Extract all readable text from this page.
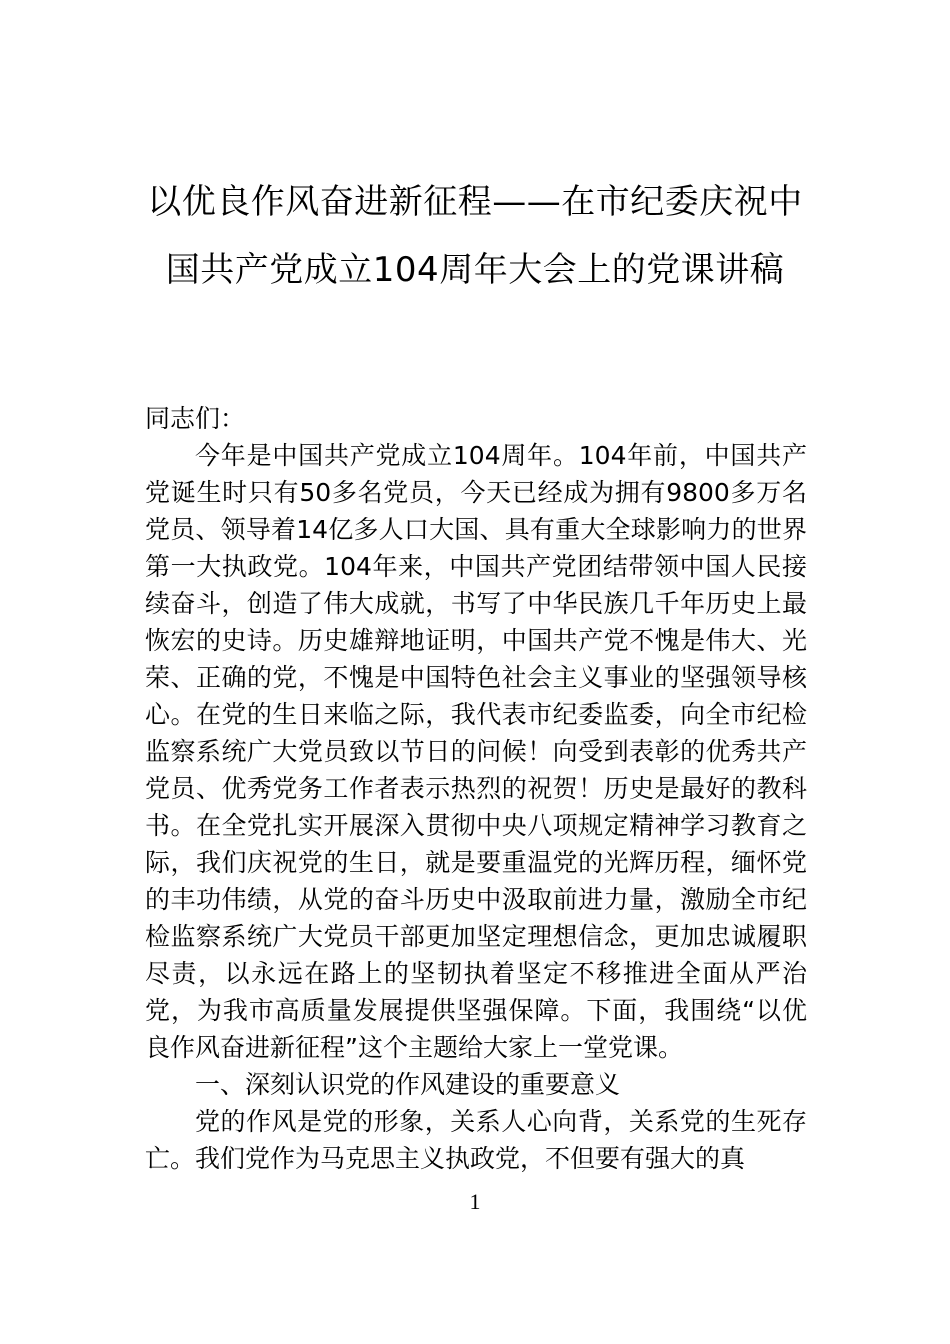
以优良作风奋进新征程——在市纪委庆祝中国共产党成立104周年大会上的党课讲稿

同志们：

今年是中国共产党成立104周年。104年前，中国共产党诞生时只有50多名党员，今天已经成为拥有9800多万名党员、领导着14亿多人口大国、具有重大全球影响力的世界第一大执政党。104年来，中国共产党团结带领中国人民接续奋斗，创造了伟大成就，书写了中华民族几千年历史上最恢宏的史诗。历史雄辩地证明，中国共产党不愧是伟大、光荣、正确的党，不愧是中国特色社会主义事业的坚强领导核心。在党的生日来临之际，我代表市纪委监委，向全市纪检监察系统广大党员致以节日的问候！向受到表彰的优秀共产党员、优秀党务工作者表示热烈的祝贺！历史是最好的教科书。在全党扎实开展深入贯彻中央八项规定精神学习教育之际，我们庆祝党的生日，就是要重温党的光辉历程，缅怀党的丰功伟绩，从党的奋斗历史中汲取前进力量，激励全市纪检监察系统广大党员干部更加坚定理想信念，更加忠诚履职尽责，以永远在路上的坚韧执着坚定不移推进全面从严治党，为我市高质量发展提供坚强保障。下面，我围绕“以优良作风奋进新征程”这个主题给大家上一堂党课。

一、深刻认识党的作风建设的重要意义

党的作风是党的形象，关系人心向背，关系党的生死存亡。我们党作为马克思主义执政党，不但要有强大的真

1
